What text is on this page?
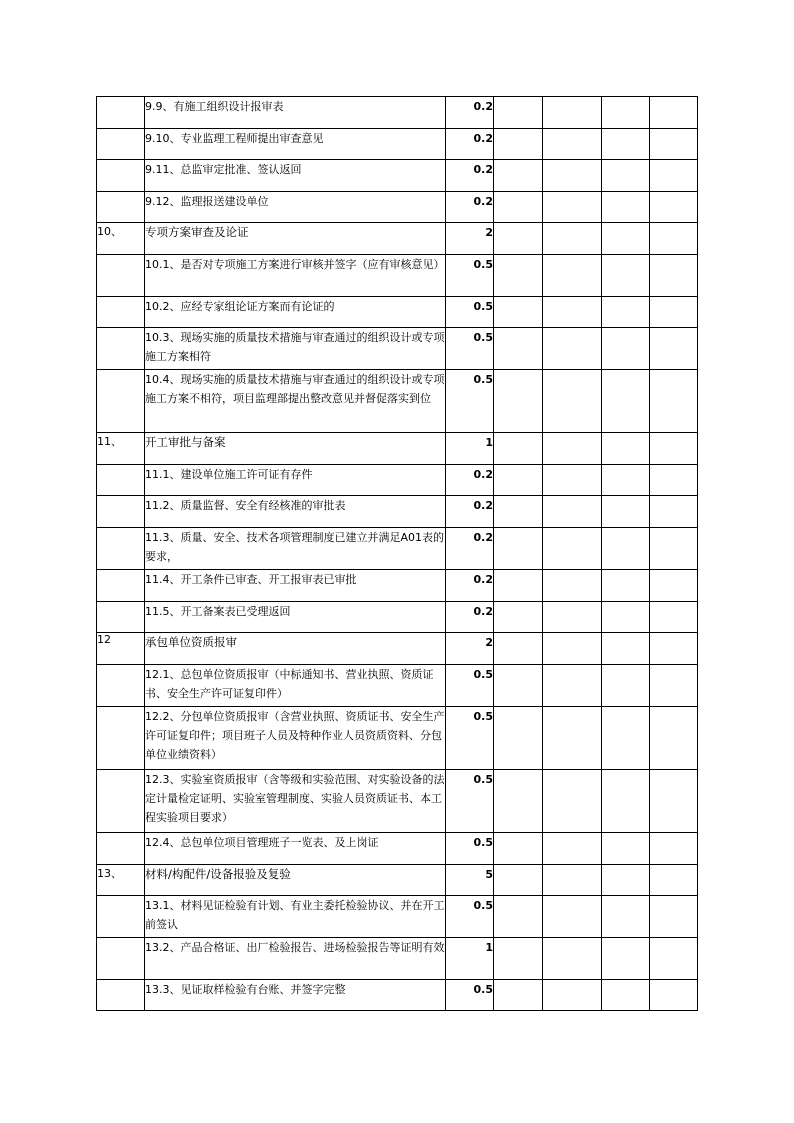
	9.9、有施工组织设计报审表	0.2				
	9.10、专业监理工程师提出审查意见	0.2				
	9.11、总监审定批准、签认返回	0.2				
	9.12、监理报送建设单位	0.2				
10、	专项方案审查及论证	2				
	10.1、是否对专项施工方案进行审核并签字（应有审核意见）	0.5				
	10.2、应经专家组论证方案而有论证的	0.5				
	10.3、现场实施的质量技术措施与审查通过的组织设计或专项施工方案相符	0.5				
	10.4、现场实施的质量技术措施与审查通过的组织设计或专项施工方案不相符，项目监理部提出整改意见并督促落实到位	0.5				
11、	开工审批与备案	1				
	11.1、建设单位施工许可证有存件	0.2				
	11.2、质量监督、安全有经核准的审批表	0.2				
	11.3、质量、安全、技术各项管理制度已建立并满足A01表的要求，	0.2				
	11.4、开工条件已审查、开工报审表已审批	0.2				
	11.5、开工备案表已受理返回	0.2				
12	承包单位资质报审	2				
	12.1、总包单位资质报审（中标通知书、营业执照、资质证书、安全生产许可证复印件）	0.5				
	12.2、分包单位资质报审（含营业执照、资质证书、安全生产许可证复印件；项目班子人员及特种作业人员资质资料、分包单位业绩资料）	0.5				
	12.3、实验室资质报审（含等级和实验范围、对实验设备的法定计量检定证明、实验室管理制度、实验人员资质证书、本工程实验项目要求）	0.5				
	12.4、总包单位项目管理班子一览表、及上岗证	0.5				
13、	材料/构配件/设备报验及复验	5				
	13.1、材料见证检验有计划、有业主委托检验协议、并在开工前签认	0.5				
	13.2、产品合格证、出厂检验报告、进场检验报告等证明有效	1				
	13.3、见证取样检验有台账、并签字完整	0.5				
